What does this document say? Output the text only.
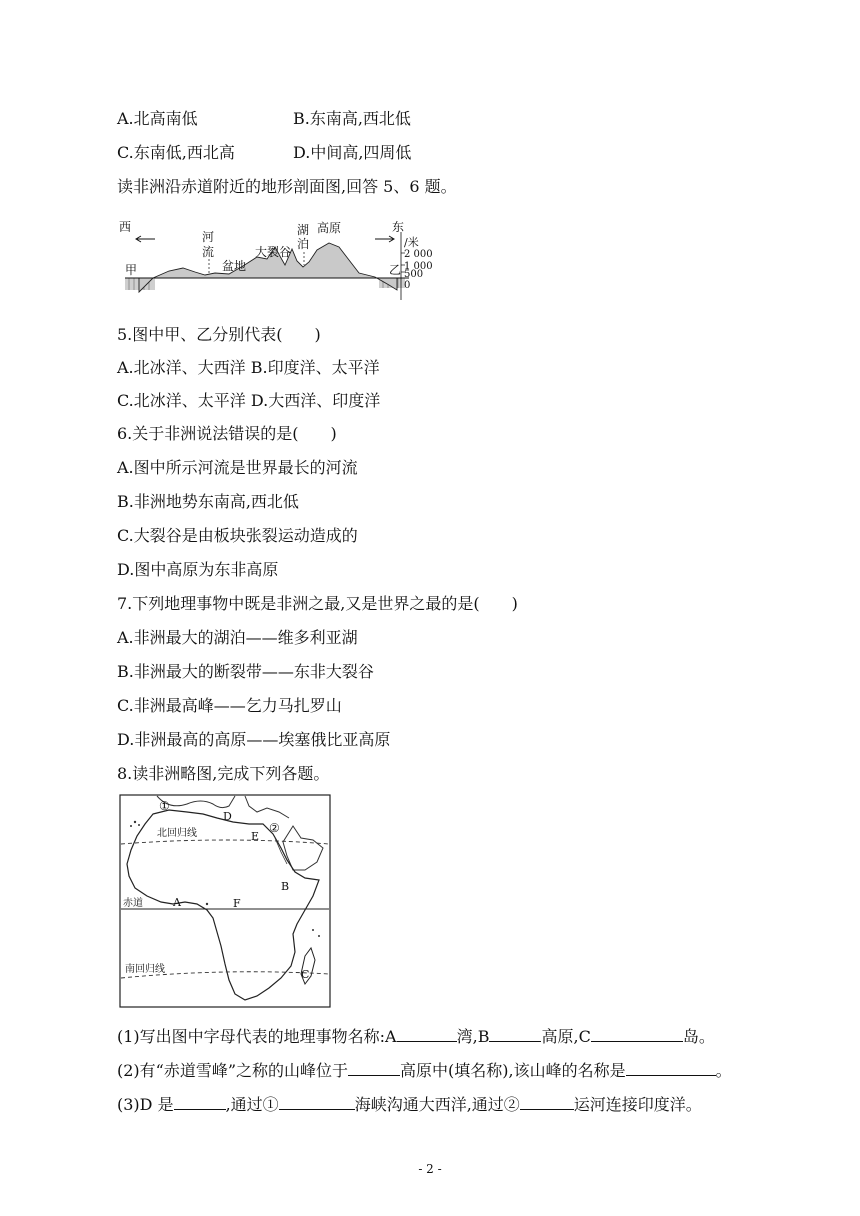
A.北高南低	B.东南高,西北低
C.东南低,西北高	D.中间高,四周低
读非洲沿赤道附近的地形剖面图,回答 5、6 题。
西	东
河
流
盆地
大裂谷
湖
泊
高原
甲	乙
/米
2 000
1 000
500
0
5.图中甲、乙分别代表(　　)
A.北冰洋、大西洋 B.印度洋、太平洋
C.北冰洋、太平洋 D.大西洋、印度洋
6.关于非洲说法错误的是(　　)
A.图中所示河流是世界最长的河流
B.非洲地势东南高,西北低
C.大裂谷是由板块张裂运动造成的
D.图中高原为东非高原
7.下列地理事物中既是非洲之最,又是世界之最的是(　　)
A.非洲最大的湖泊——维多利亚湖
B.非洲最大的断裂带——东非大裂谷
C.非洲最高峰——乞力马扎罗山
D.非洲最高的高原——埃塞俄比亚高原
8.读非洲略图,完成下列各题。
①
D
北回归线	E
②
B
F
赤道	A
南回归线	C
(1)写出图中字母代表的地理事物名称:A	湾,B	高原,C	岛。
(2)有“赤道雪峰”之称的山峰位于	高原中(填名称),该山峰的名称是	。
(3)D 是	,通过①	海峡沟通大西洋,通过②	运河连接印度洋。
- 2 -
